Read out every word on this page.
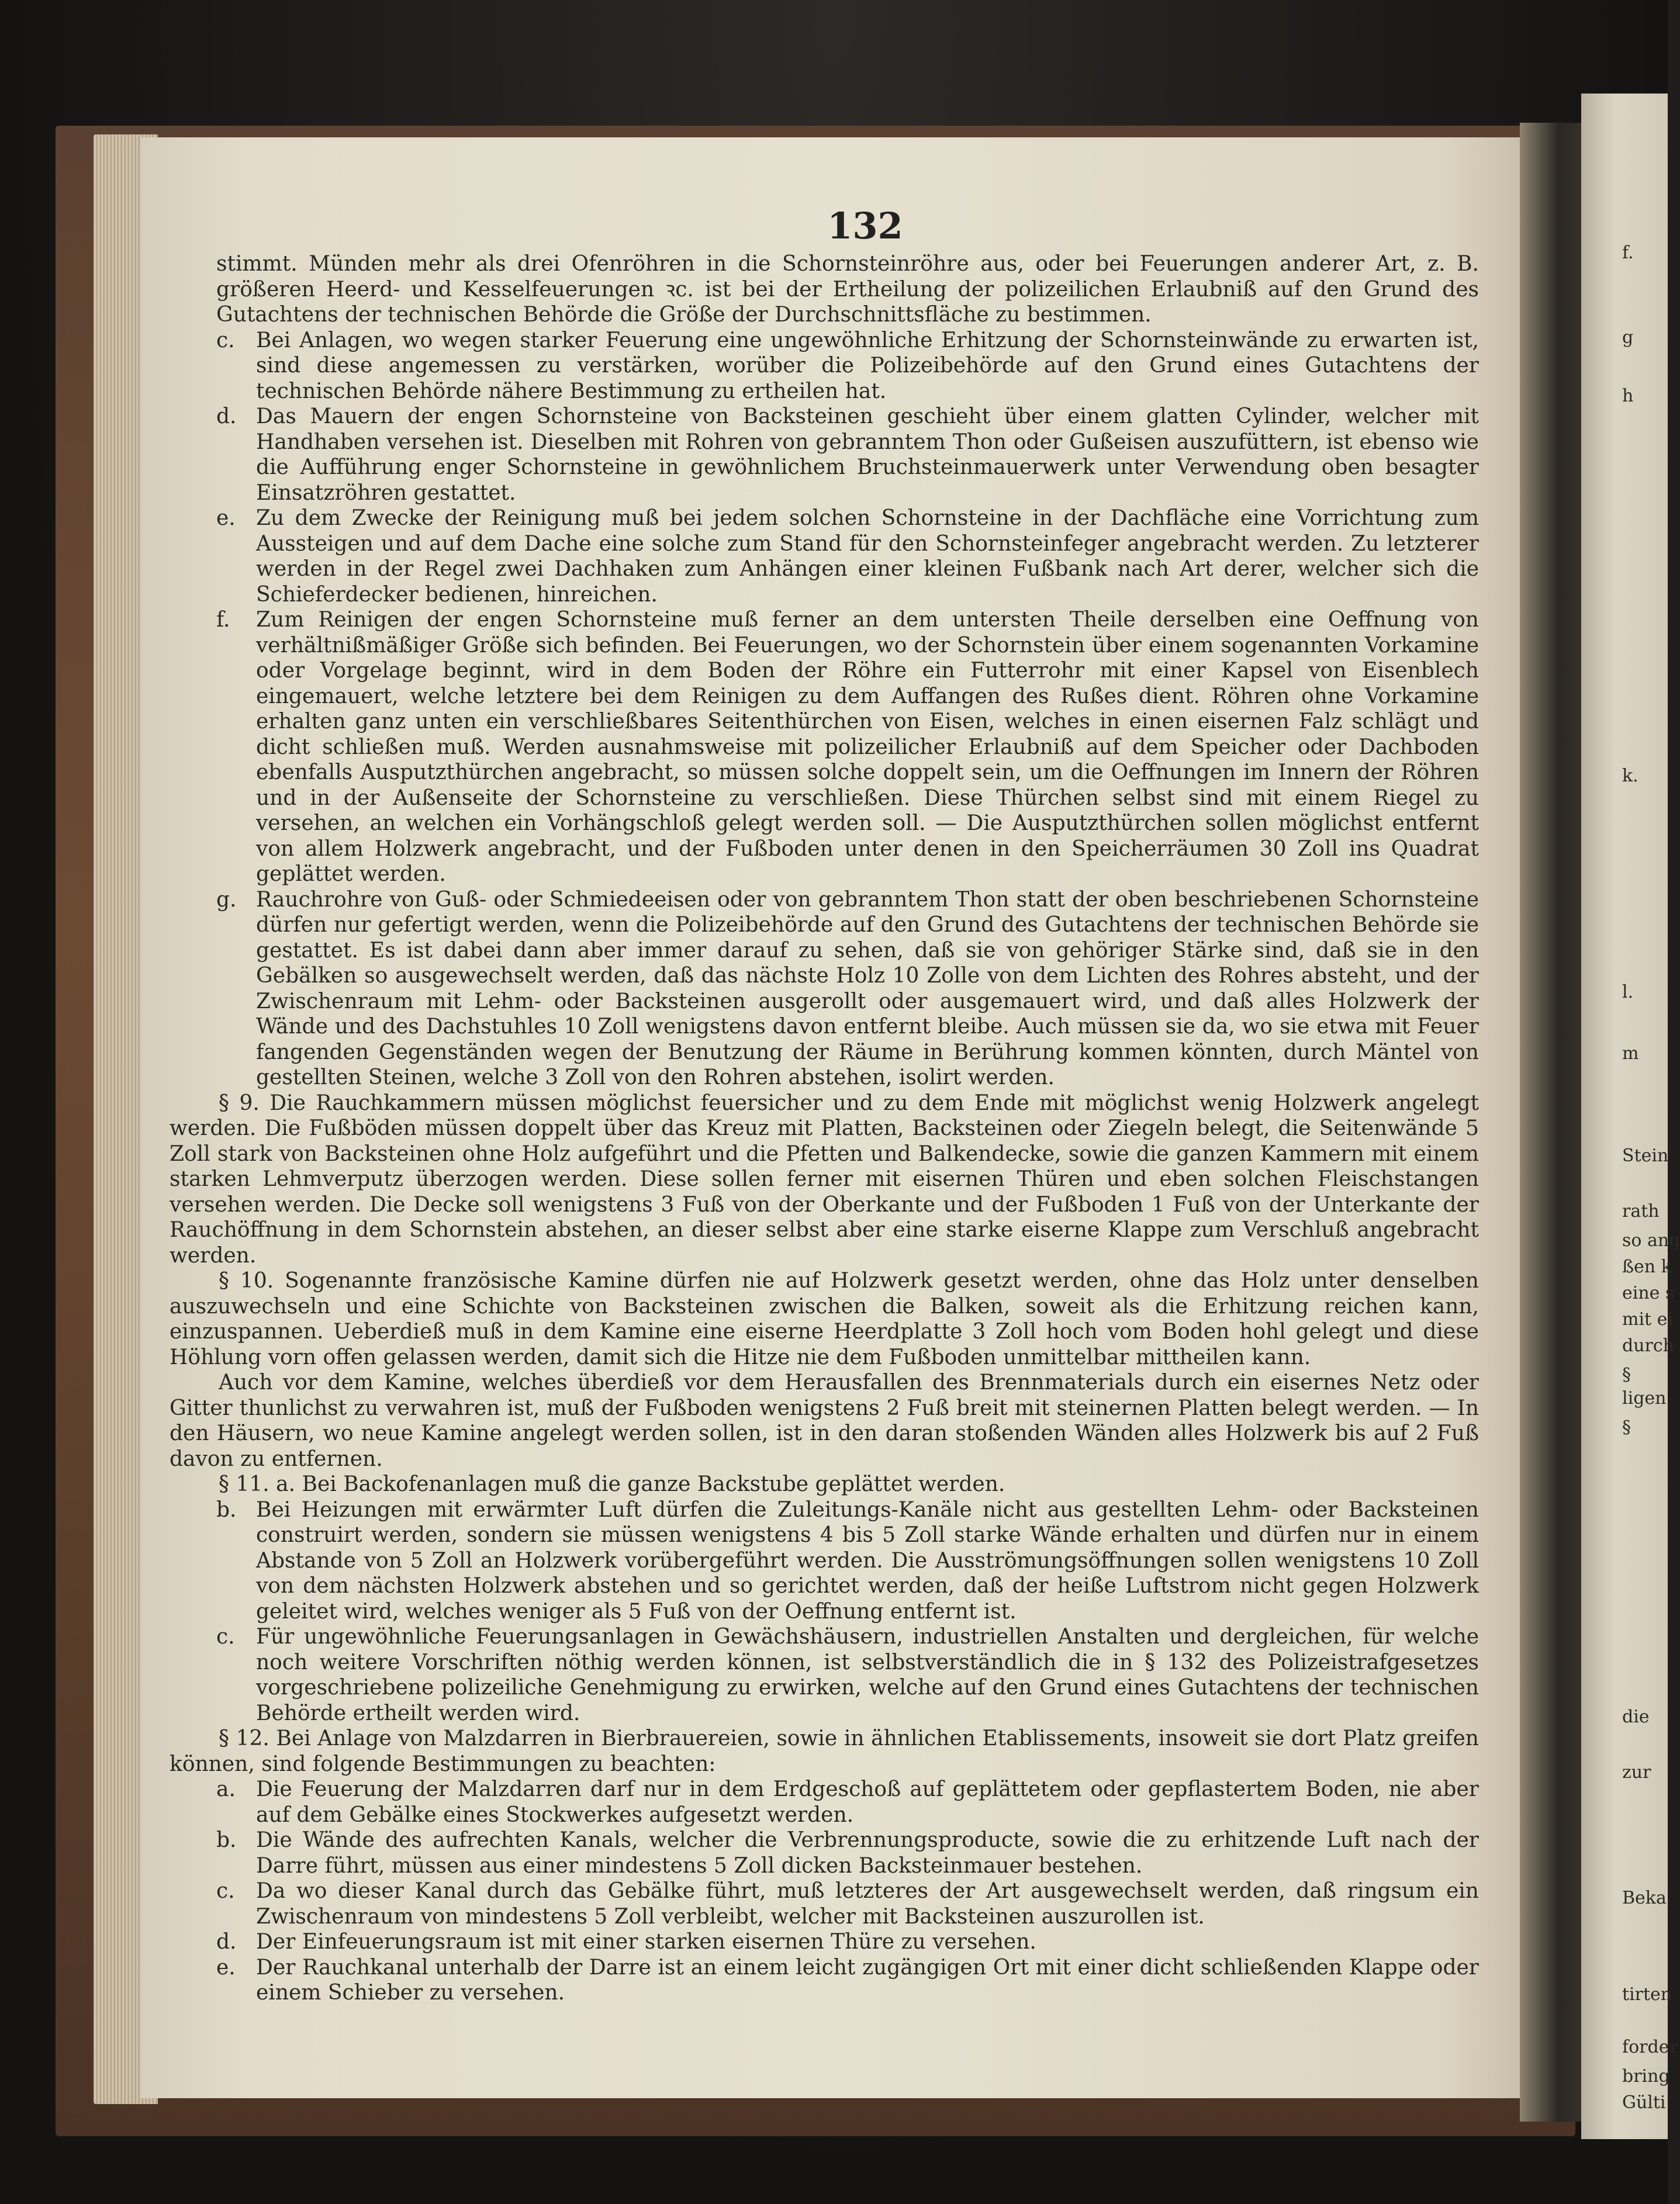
f.
g
h
k.
l.
m
Stein
rath
so ang
ßen k
eine s
mit ei
durch
§
ligen
§
die
zur
Beka
tirten
forder
bring
Gülti
132
stimmt. Münden mehr als drei Ofenröhren in die Schornsteinröhre aus, oder bei Feuerungen anderer Art, z. B. größeren Heerd- und Kesselfeuerungen ꝛc. ist bei der Ertheilung der polizeilichen Erlaubniß auf den Grund des Gutachtens der technischen Behörde die Größe der Durchschnittsfläche zu bestimmen.
c.	Bei Anlagen, wo wegen starker Feuerung eine ungewöhnliche Erhitzung der Schornsteinwände zu erwarten ist, sind diese angemessen zu verstärken, worüber die Polizeibehörde auf den Grund eines Gutachtens der technischen Behörde nähere Bestimmung zu ertheilen hat.
d. Das Mauern der engen Schornsteine von Backsteinen geschieht über einem glatten Cylinder, welcher mit Handhaben versehen ist. Dieselben mit Rohren von gebranntem Thon oder Gußeisen auszufüttern, ist ebenso wie die Aufführung enger Schornsteine in gewöhnlichem Bruchsteinmauerwerk unter Verwendung oben besagter Einsatzröhren gestattet.
e. Zu dem Zwecke der Reinigung muß bei jedem solchen Schornsteine in der Dachfläche eine Vorrichtung zum Aussteigen und auf dem Dache eine solche zum Stand für den Schornsteinfeger angebracht werden. Zu letzterer werden in der Regel zwei Dachhaken zum Anhängen einer kleinen Fußbank nach Art derer, welcher sich die Schieferdecker bedienen, hinreichen.
f.	Zum Reinigen der engen Schornsteine muß ferner an dem untersten Theile derselben eine Oeffnung von verhältnißmäßiger Größe sich befinden. Bei Feuerungen, wo der Schornstein über einem sogenannten Vorkamine oder Vorgelage beginnt, wird in dem Boden der Röhre ein Futterrohr mit einer Kapsel von Eisenblech eingemauert, welche letztere bei dem Reinigen zu dem Auffangen des Rußes dient. Röhren ohne Vorkamine erhalten ganz unten ein verschließbares Seitenthürchen von Eisen, welches in einen eisernen Falz schlägt und dicht schließen muß. Werden ausnahmsweise mit polizeilicher Erlaubniß auf dem Speicher oder Dachboden ebenfalls Ausputzthürchen angebracht, so müssen solche doppelt sein, um die Oeffnungen im Innern der Röhren und in der Außenseite der Schornsteine zu verschließen. Diese Thürchen selbst sind mit einem Riegel zu versehen, an welchen ein Vorhängschloß gelegt werden soll. — Die Ausputzthürchen sollen möglichst entfernt von allem Holzwerk angebracht, und der Fußboden unter denen in den Speicherräumen 30 Zoll ins Quadrat geplättet werden.
g. Rauchrohre von Guß- oder Schmiedeeisen oder von gebranntem Thon statt der oben beschriebenen Schornsteine dürfen nur gefertigt werden, wenn die Polizeibehörde auf den Grund des Gutachtens der technischen Behörde sie gestattet. Es ist dabei dann aber immer darauf zu sehen, daß sie von gehöriger Stärke sind, daß sie in den Gebälken so ausgewechselt werden, daß das nächste Holz 10 Zolle von dem Lichten des Rohres absteht, und der Zwischenraum mit Lehm- oder Backsteinen ausgerollt oder ausgemauert wird, und daß alles Holzwerk der Wände und des Dachstuhles 10 Zoll wenigstens davon entfernt bleibe. Auch müssen sie da, wo sie etwa mit Feuer fangenden Gegenständen wegen der Benutzung der Räume in Berührung kommen könnten, durch Mäntel von gestellten Steinen, welche 3 Zoll von den Rohren abstehen, isolirt werden.
§ 9. Die Rauchkammern müssen möglichst feuersicher und zu dem Ende mit möglichst wenig Holzwerk angelegt werden. Die Fußböden müssen doppelt über das Kreuz mit Platten, Backsteinen oder Ziegeln belegt, die Seitenwände 5 Zoll stark von Backsteinen ohne Holz aufgeführt und die Pfetten und Balkendecke, sowie die ganzen Kammern mit einem starken Lehmverputz überzogen werden. Diese sollen ferner mit eisernen Thüren und eben solchen Fleischstangen versehen werden. Die Decke soll wenigstens 3 Fuß von der Oberkante und der Fußboden 1 Fuß von der Unterkante der Rauchöffnung in dem Schornstein abstehen, an dieser selbst aber eine starke eiserne Klappe zum Verschluß angebracht werden.
§ 10. Sogenannte französische Kamine dürfen nie auf Holzwerk gesetzt werden, ohne das Holz unter denselben auszuwechseln und eine Schichte von Backsteinen zwischen die Balken, soweit als die Erhitzung reichen kann, einzuspannen. Ueberdieß muß in dem Kamine eine eiserne Heerdplatte 3 Zoll hoch vom Boden hohl gelegt und diese Höhlung vorn offen gelassen werden, damit sich die Hitze nie dem Fußboden unmittelbar mittheilen kann.
Auch vor dem Kamine, welches überdieß vor dem Herausfallen des Brennmaterials durch ein eisernes Netz oder Gitter thunlichst zu verwahren ist, muß der Fußboden wenigstens 2 Fuß breit mit steinernen Platten belegt werden. — In den Häusern, wo neue Kamine angelegt werden sollen, ist in den daran stoßenden Wänden alles Holzwerk bis auf 2 Fuß davon zu entfernen.
§ 11. a. Bei Backofenanlagen muß die ganze Backstube geplättet werden.
b. Bei Heizungen mit erwärmter Luft dürfen die Zuleitungs-Kanäle nicht aus gestellten Lehm- oder Backsteinen construirt werden, sondern sie müssen wenigstens 4 bis 5 Zoll starke Wände erhalten und dürfen nur in einem Abstande von 5 Zoll an Holzwerk vorübergeführt werden. Die Ausströmungsöffnungen sollen wenigstens 10 Zoll von dem nächsten Holzwerk abstehen und so gerichtet werden, daß der heiße Luftstrom nicht gegen Holzwerk geleitet wird, welches weniger als 5 Fuß von der Oeffnung entfernt ist.
c.	Für ungewöhnliche Feuerungsanlagen in Gewächshäusern, industriellen Anstalten und dergleichen, für welche noch weitere Vorschriften nöthig werden können, ist selbstverständlich die in § 132 des Polizeistrafgesetzes vorgeschriebene polizeiliche Genehmigung zu erwirken, welche auf den Grund eines Gutachtens der technischen Behörde ertheilt werden wird.
§ 12. Bei Anlage von Malzdarren in Bierbrauereien, sowie in ähnlichen Etablissements, insoweit sie dort Platz greifen können, sind folgende Bestimmungen zu beachten:
a. Die Feuerung der Malzdarren darf nur in dem Erdgeschoß auf geplättetem oder gepflastertem Boden, nie aber auf dem Gebälke eines Stockwerkes aufgesetzt werden.
b. Die Wände des aufrechten Kanals, welcher die Verbrennungsproducte, sowie die zu erhitzende Luft nach der Darre führt, müssen aus einer mindestens 5 Zoll dicken Backsteinmauer bestehen.
c.	Da wo dieser Kanal durch das Gebälke führt, muß letzteres der Art ausgewechselt werden, daß ringsum ein Zwischenraum von mindestens 5 Zoll verbleibt, welcher mit Backsteinen auszurollen ist.
d. Der Einfeuerungsraum ist mit einer starken eisernen Thüre zu versehen.
e. Der Rauchkanal unterhalb der Darre ist an einem leicht zugängigen Ort mit einer dicht schließenden Klappe oder einem Schieber zu versehen.
